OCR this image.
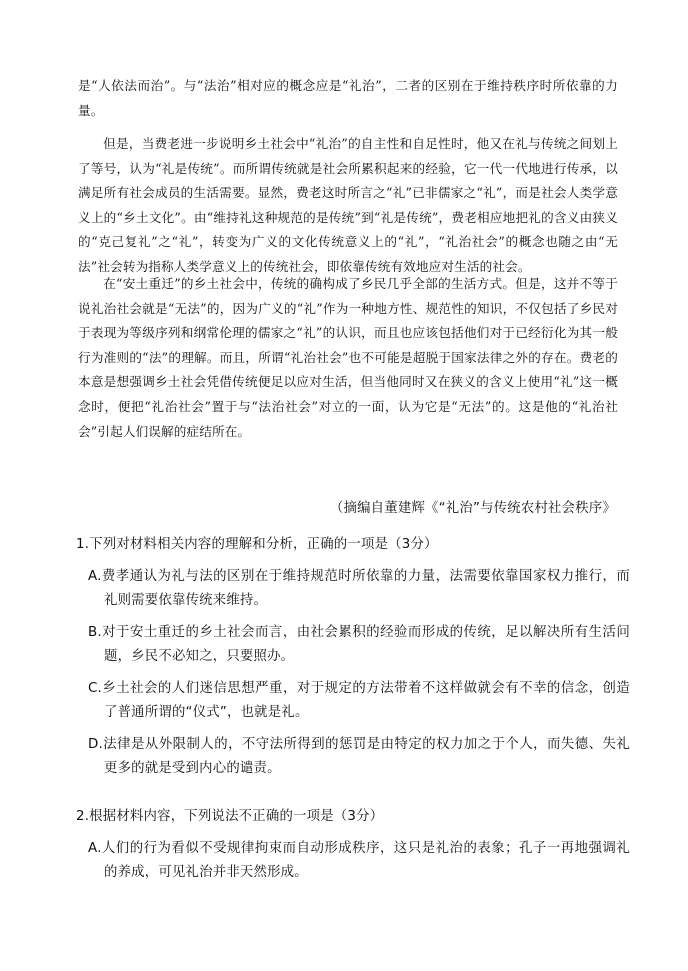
是“人依法而治”。与“法治”相对应的概念应是“礼治”，二者的区别在于维持秩序时所依靠的力量。

但是，当费老进一步说明乡土社会中“礼治”的自主性和自足性时，他又在礼与传统之间划上了等号，认为“礼是传统”。而所谓传统就是社会所累积起来的经验，它一代一代地进行传承，以满足所有社会成员的生活需要。显然，费老这时所言之“礼”已非儒家之“礼”，而是社会人类学意义上的“乡土文化”。由“维持礼这种规范的是传统”到“礼是传统”，费老相应地把礼的含义由狭义的“克己复礼”之“礼”，转变为广义的文化传统意义上的“礼”，“礼治社会”的概念也随之由“无法”社会转为指称人类学意义上的传统社会，即依靠传统有效地应对生活的社会。

在“安土重迁”的乡土社会中，传统的确构成了乡民几乎全部的生活方式。但是，这并不等于说礼治社会就是“无法”的，因为广义的“礼”作为一种地方性、规范性的知识，不仅包括了乡民对于表现为等级序列和纲常伦理的儒家之“礼”的认识，而且也应该包括他们对于已经衍化为其一般行为准则的“法”的理解。而且，所谓“礼治社会”也不可能是超脱于国家法律之外的存在。费老的本意是想强调乡土社会凭借传统便足以应对生活，但当他同时又在狭义的含义上使用“礼”这一概念时，便把“礼治社会”置于与“法治社会”对立的一面，认为它是“无法”的。这是他的“礼治社会”引起人们误解的症结所在。

（摘编自董建辉《“礼治”与传统农村社会秩序》

1.下列对材料相关内容的理解和分析，正确的一项是（3分）

A.费孝通认为礼与法的区别在于维持规范时所依靠的力量，法需要依靠国家权力推行，而礼则需要依靠传统来维持。

B.对于安土重迁的乡土社会而言，由社会累积的经验而形成的传统，足以解决所有生活问题，乡民不必知之，只要照办。

C.乡土社会的人们迷信思想严重，对于规定的方法带着不这样做就会有不幸的信念，创造了普通所谓的“仪式”，也就是礼。

D.法律是从外限制人的，不守法所得到的惩罚是由特定的权力加之于个人，而失德、失礼更多的就是受到内心的谴责。

2.根据材料内容，下列说法不正确的一项是（3分）

A.人们的行为看似不受规律拘束而自动形成秩序，这只是礼治的表象；孔子一再地强调礼的养成，可见礼治并非天然形成。
